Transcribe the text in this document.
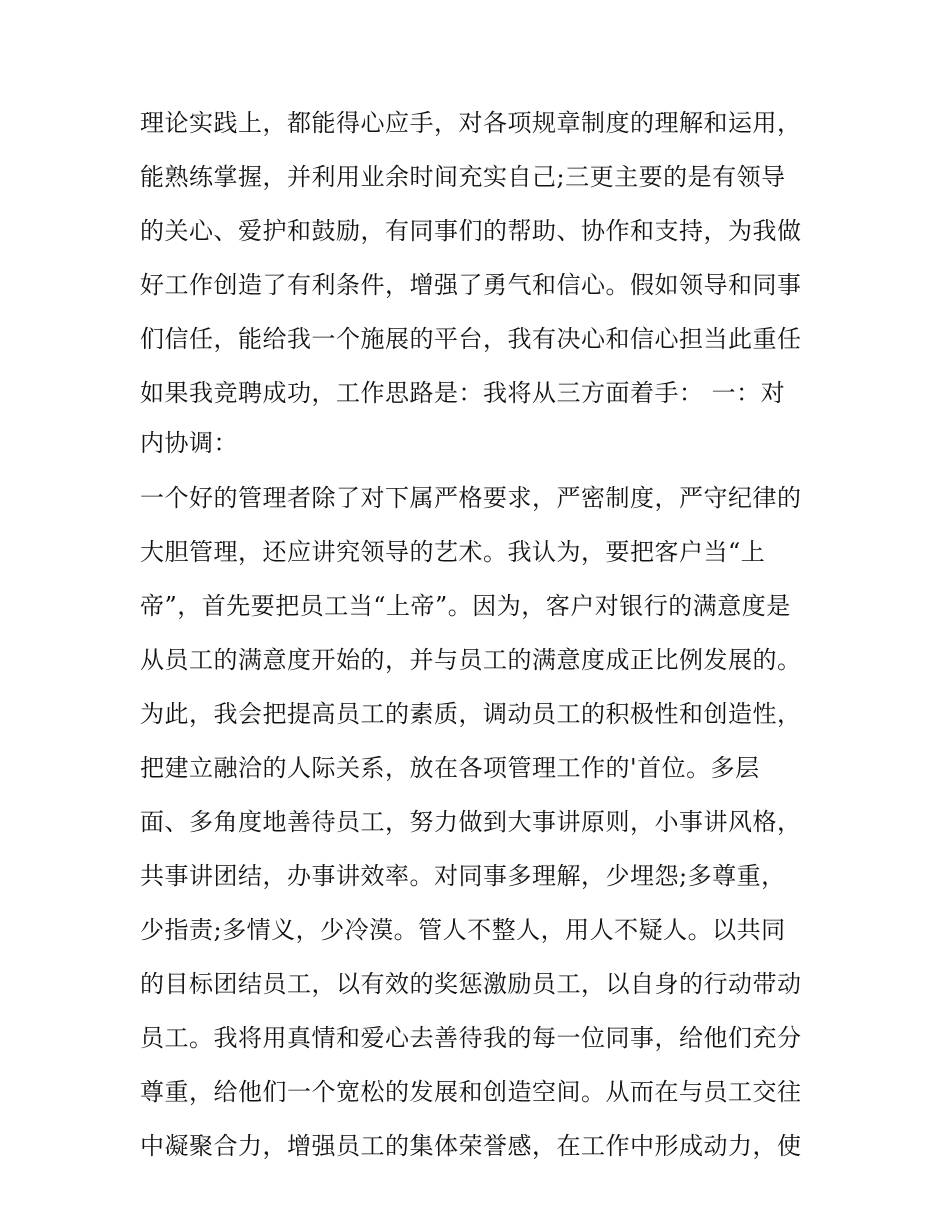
理论实践上，都能得心应手，对各项规章制度的理解和运用，
能熟练掌握，并利用业余时间充实自己;三更主要的是有领导
的关心、爱护和鼓励，有同事们的帮助、协作和支持，为我做
好工作创造了有利条件，增强了勇气和信心。假如领导和同事
们信任，能给我一个施展的平台，我有决心和信心担当此重任
如果我竞聘成功，工作思路是：我将从三方面着手： 一：对
内协调：
一个好的管理者除了对下属严格要求，严密制度，严守纪律的
大胆管理，还应讲究领导的艺术。我认为，要把客户当“上
帝”，首先要把员工当“上帝”。因为，客户对银行的满意度是
从员工的满意度开始的，并与员工的满意度成正比例发展的。
为此，我会把提高员工的素质，调动员工的积极性和创造性，
把建立融洽的人际关系，放在各项管理工作的'首位。多层
面、多角度地善待员工，努力做到大事讲原则，小事讲风格，
共事讲团结，办事讲效率。对同事多理解，少埋怨;多尊重，
少指责;多情义，少冷漠。管人不整人，用人不疑人。以共同
的目标团结员工，以有效的奖惩激励员工，以自身的行动带动
员工。我将用真情和爱心去善待我的每一位同事，给他们充分
尊重，给他们一个宽松的发展和创造空间。从而在与员工交往
中凝聚合力，增强员工的集体荣誉感，在工作中形成动力，使
